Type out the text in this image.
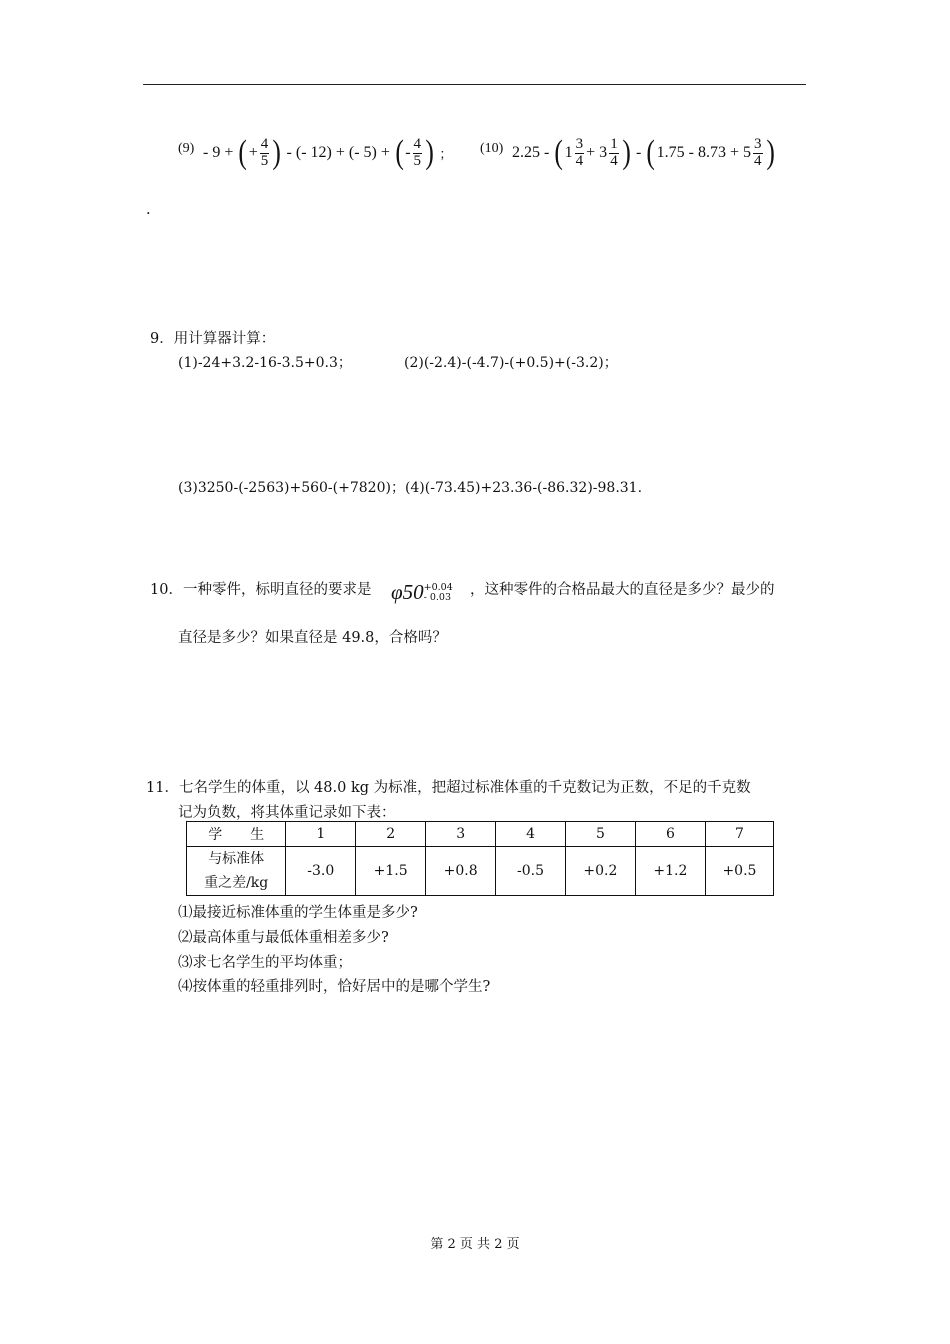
(9) - 9 + (+ $\frac{4}{5}$ ) - (- 12) + (- 5) + (- $\frac{4}{5}$ ) ； (10) $2.25 - (1 \frac{3}{4} + 3 \frac{1}{4}$ ) - ($1.75 - 8.73 + 5 \frac{3}{4}$ )
.
9．用计算器计算：
(1)-24+3.2-16-3.5+0.3；	(2)(-2.4)-(-4.7)-(+0.5)+(-3.2)；
(3)3250-(-2563)+560-(+7820)；(4)(-73.45)+23.36-(-86.32)-98.31.
10．一种零件，标明直径的要求是 φ50 +0.04
- 0.03 ，这种零件的合格品最大的直径是多少？最少的
直径是多少？如果直径是 49.8，合格吗？
11．七名学生的体重，以 48.0 kg 为标准，把超过标准体重的千克数记为正数，不足的千克数
记为负数，将其体重记录如下表：
学　　生	1	2	3	4	5	6	7

与标准体
重之差/kg	-3.0	+1.5	+0.8	-0.5	+0.2	+1.2	+0.5
⑴最接近标准体重的学生体重是多少?
⑵最高体重与最低体重相差多少?
⑶求七名学生的平均体重；
⑷按体重的轻重排列时，恰好居中的是哪个学生?
第 2 页 共 2 页
